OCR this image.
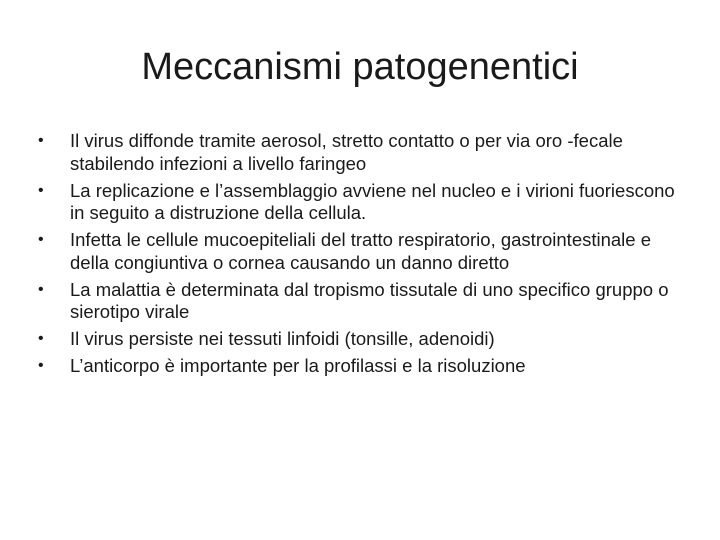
Meccanismi patogenentici
•	Il virus diffonde tramite aerosol, stretto contatto o per via oro -fecale stabilendo infezioni a livello faringeo
•	La replicazione e l’assemblaggio avviene nel nucleo e i virioni fuoriescono in seguito a distruzione della cellula.
•	Infetta le cellule mucoepiteliali del tratto respiratorio, gastrointestinale e della congiuntiva o cornea causando un danno diretto
•	La malattia è determinata dal tropismo tissutale di uno specifico gruppo o sierotipo virale
•	Il virus persiste nei tessuti linfoidi (tonsille, adenoidi)
•	L’anticorpo è importante per la profilassi e la risoluzione
